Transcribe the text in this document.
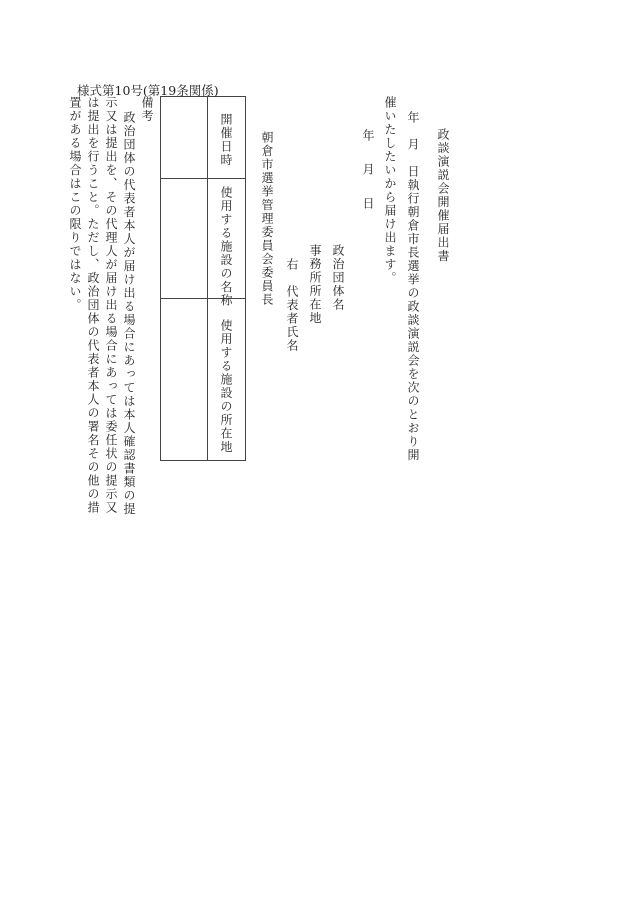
政談演説会開催届出書
年　月　日執行朝倉市長選挙の政談演説会を次のとおり開
催いたしたいから届け出ます。
年　月　日
政治団体名
事務所所在地
右　代表者氏名
朝倉市選挙管理委員会委員長
開催日時
使用する施設の名称
使用する施設の所在地
様式第10号(第19条関係)
備考
政治団体の代表者本人が届け出る場合にあっては本人確認書類の提
示又は提出を、その代理人が届け出る場合にあっては委任状の提示又
は提出を行うこと。ただし、政治団体の代表者本人の署名その他の措
置がある場合はこの限りではない。
